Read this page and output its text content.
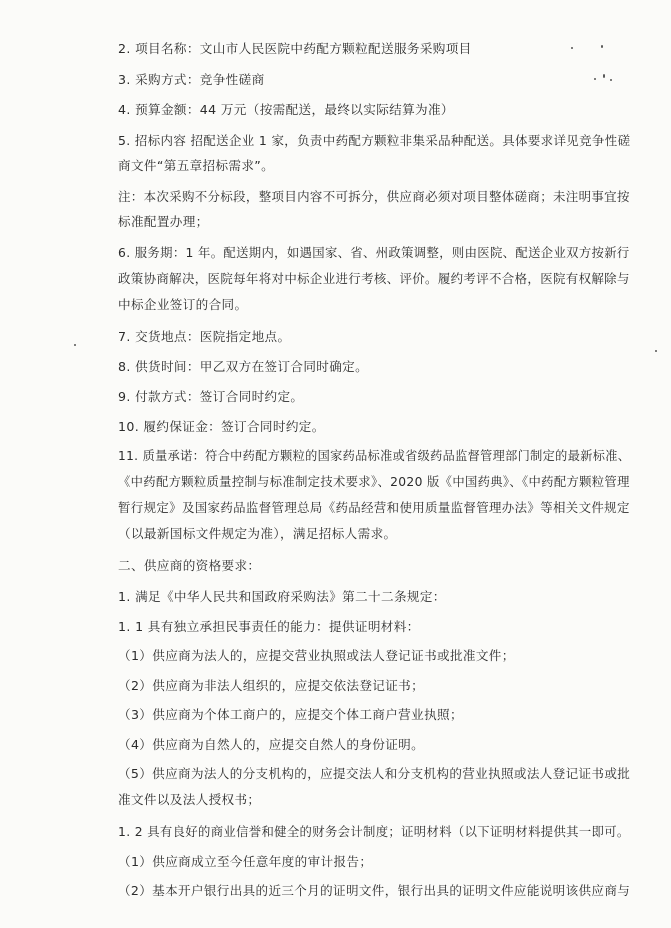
2. 项目名称：文山市人民医院中药配方颗粒配送服务采购项目
3. 采购方式：竞争性磋商
4. 预算金额：44 万元（按需配送，最终以实际结算为准）
5. 招标内容 招配送企业 1 家，负责中药配方颗粒非集采品种配送。具体要求详见竞争性磋
商文件“第五章招标需求”。
注：本次采购不分标段，整项目内容不可拆分，供应商必须对项目整体磋商；未注明事宜按
标准配置办理；
6. 服务期：1 年。配送期内，如遇国家、省、州政策调整，则由医院、配送企业双方按新行
政策协商解决，医院每年将对中标企业进行考核、评价。履约考评不合格，医院有权解除与
中标企业签订的合同。
7. 交货地点：医院指定地点。
8. 供货时间：甲乙双方在签订合同时确定。
9. 付款方式：签订合同时约定。
10. 履约保证金：签订合同时约定。
11. 质量承诺：符合中药配方颗粒的国家药品标准或省级药品监督管理部门制定的最新标准、
《中药配方颗粒质量控制与标准制定技术要求》、2020 版《中国药典》、《中药配方颗粒管理
暂行规定》及国家药品监督管理总局《药品经营和使用质量监督管理办法》等相关文件规定
（以最新国标文件规定为准），满足招标人需求。
二、供应商的资格要求：
1. 满足《中华人民共和国政府采购法》第二十二条规定：
1. 1 具有独立承担民事责任的能力：提供证明材料：
（1）供应商为法人的，应提交营业执照或法人登记证书或批准文件；
（2）供应商为非法人组织的，应提交依法登记证书；
（3）供应商为个体工商户的，应提交个体工商户营业执照；
（4）供应商为自然人的，应提交自然人的身份证明。
（5）供应商为法人的分支机构的，应提交法人和分支机构的营业执照或法人登记证书或批
准文件以及法人授权书；
1. 2 具有良好的商业信誉和健全的财务会计制度；证明材料（以下证明材料提供其一即可。
（1）供应商成立至今任意年度的审计报告；
（2）基本开户银行出具的近三个月的证明文件，银行出具的证明文件应能说明该供应商与
